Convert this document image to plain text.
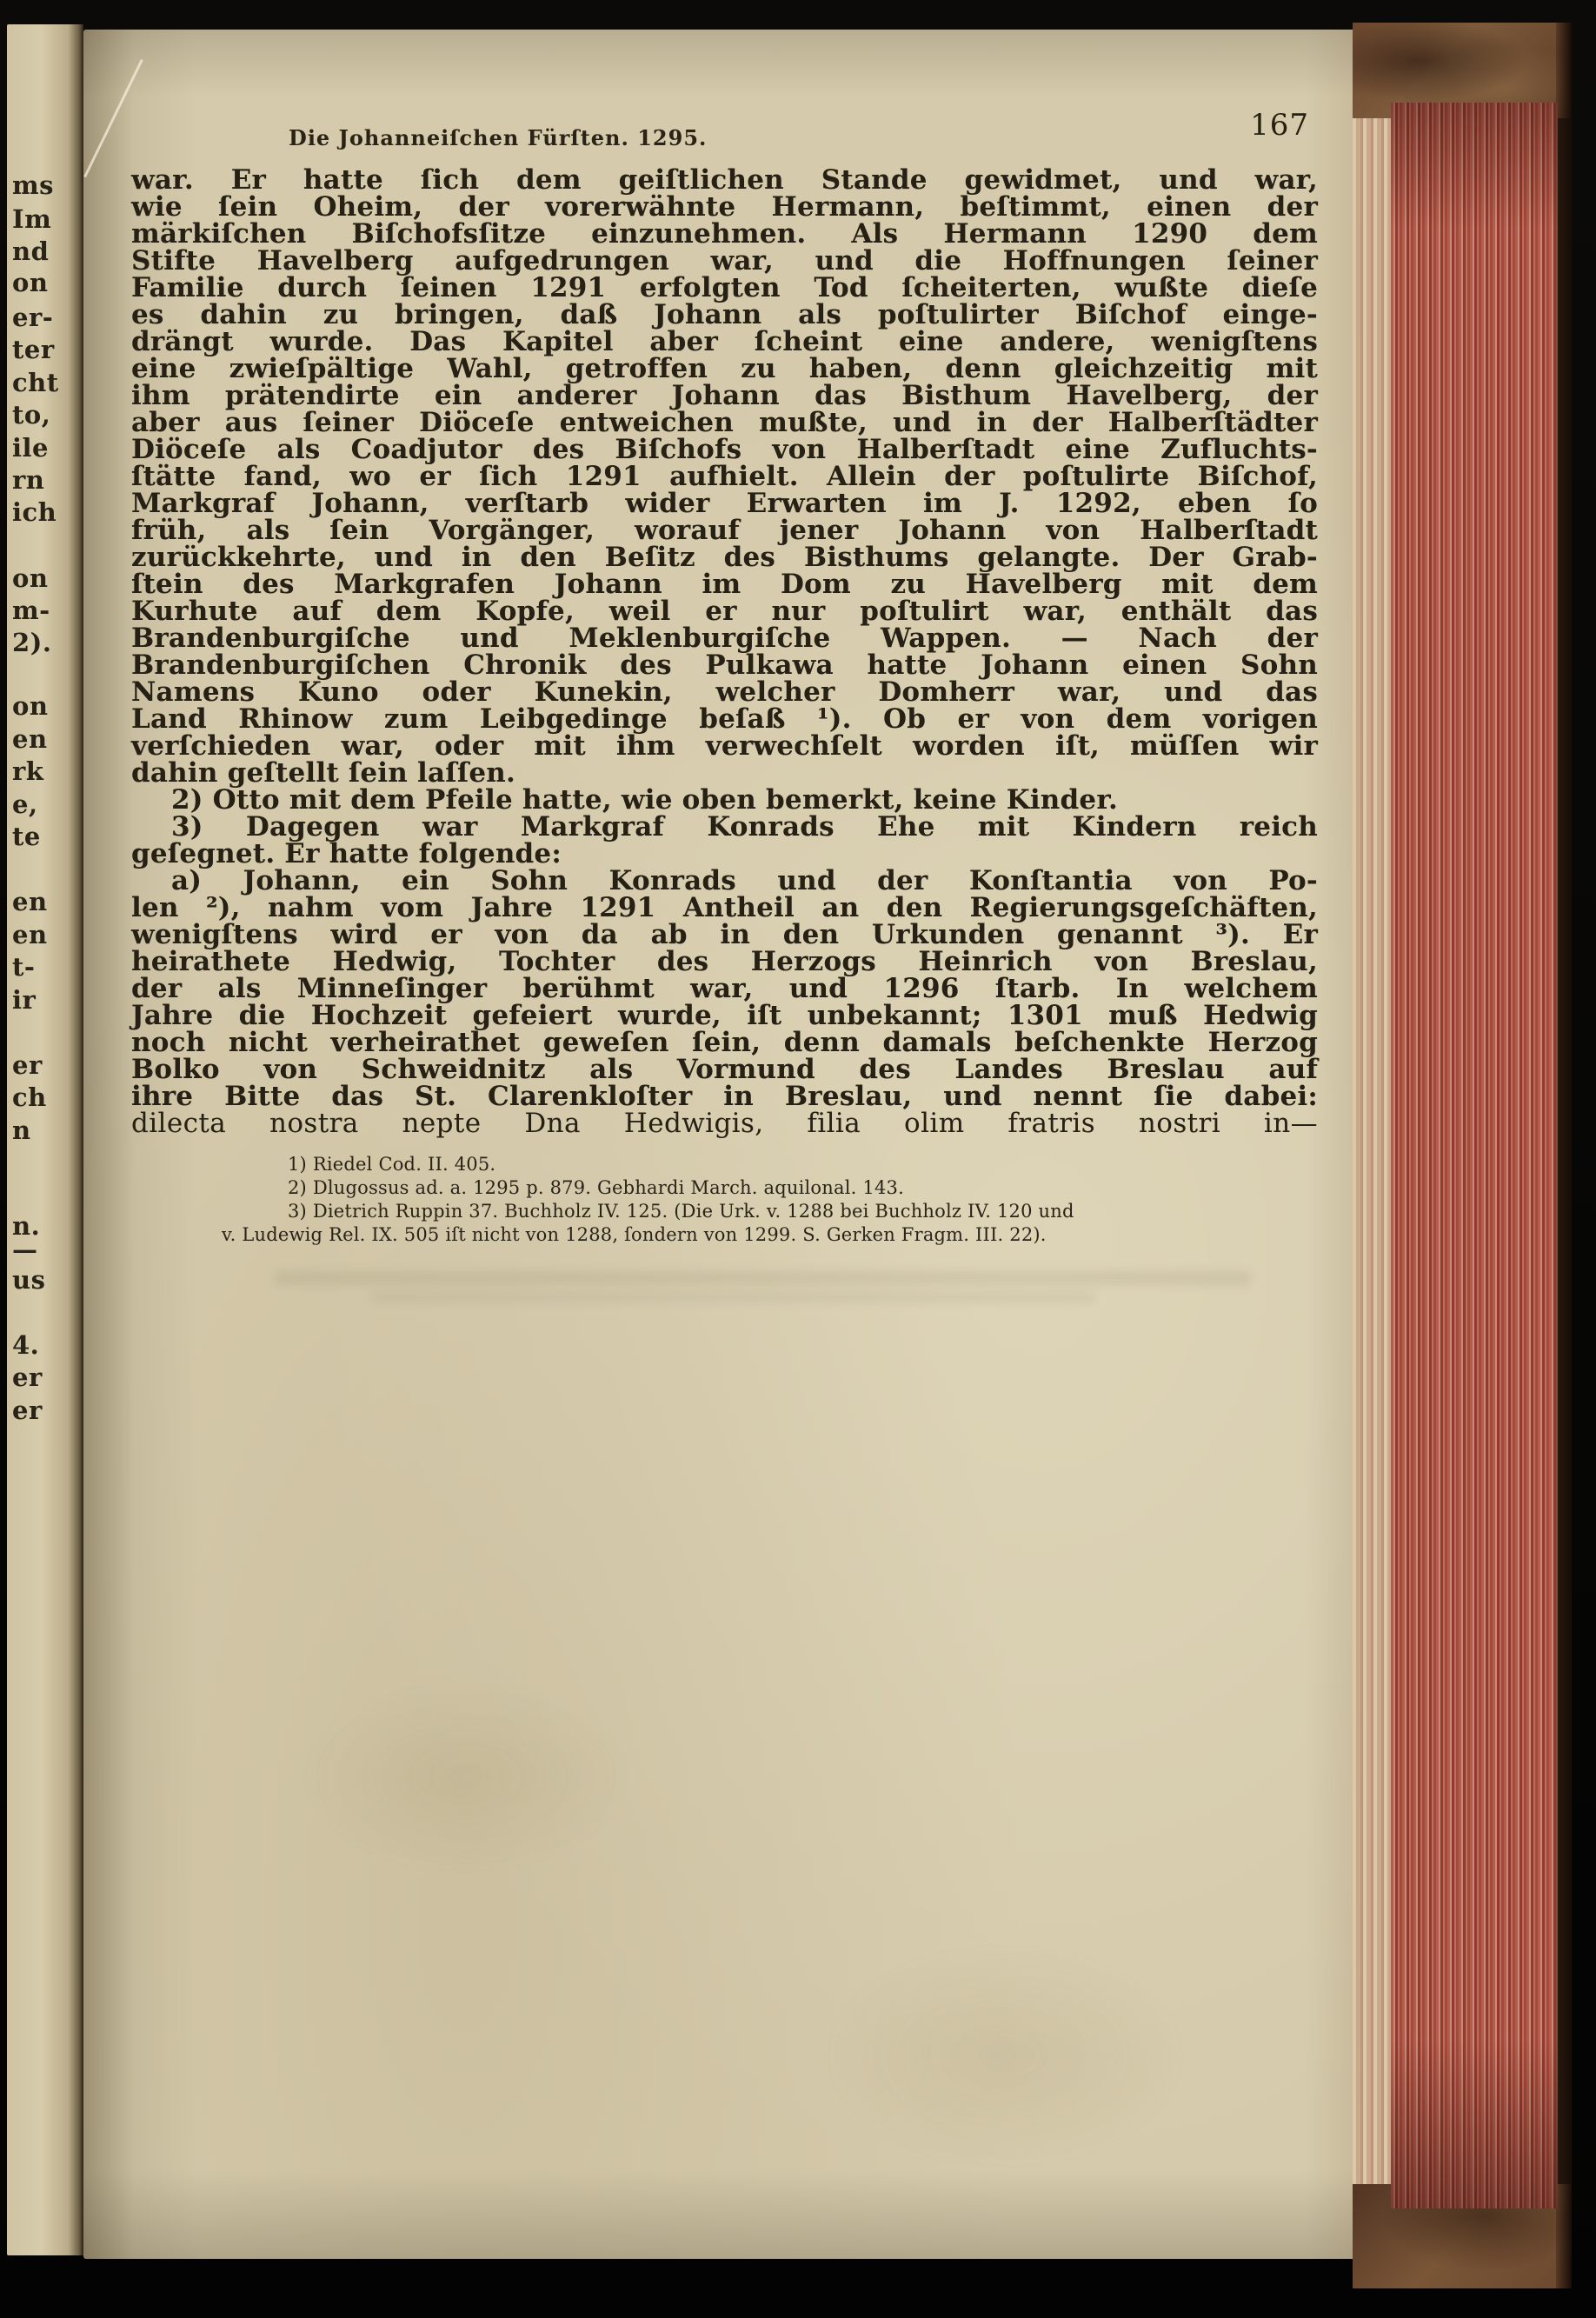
ms
Im
nd
on
er-
ter
cht
to,
ile
rn
ich
on
m-
2).
on
en
rk
e,
te
en
en
t-
ir
er
ch
n
n.
—
us
4.
er
er
Die Johanneiſchen Fürſten. 1295.	167
war. Er hatte ſich dem geiſtlichen Stande gewidmet, und war,
wie ſein Oheim, der vorerwähnte Hermann, beſtimmt, einen der
märkiſchen Biſchofsſitze einzunehmen. Als Hermann 1290 dem
Stifte Havelberg aufgedrungen war, und die Hoffnungen ſeiner
Familie durch ſeinen 1291 erfolgten Tod ſcheiterten, wußte dieſe
es dahin zu bringen, daß Johann als poſtulirter Biſchof einge-
drängt wurde. Das Kapitel aber ſcheint eine andere, wenigſtens
eine zwieſpältige Wahl, getroffen zu haben, denn gleichzeitig mit
ihm prätendirte ein anderer Johann das Bisthum Havelberg, der
aber aus ſeiner Diöceſe entweichen mußte, und in der Halberſtädter
Diöceſe als Coadjutor des Biſchofs von Halberſtadt eine Zufluchts-
ſtätte fand, wo er ſich 1291 aufhielt. Allein der poſtulirte Biſchof,
Markgraf Johann, verſtarb wider Erwarten im J. 1292, eben ſo
früh, als ſein Vorgänger, worauf jener Johann von Halberſtadt
zurückkehrte, und in den Beſitz des Bisthums gelangte. Der Grab-
ſtein des Markgrafen Johann im Dom zu Havelberg mit dem
Kurhute auf dem Kopfe, weil er nur poſtulirt war, enthält das
Brandenburgiſche und Meklenburgiſche Wappen. — Nach der
Brandenburgiſchen Chronik des Pulkawa hatte Johann einen Sohn
Namens Kuno oder Kunekin, welcher Domherr war, und das
Land Rhinow zum Leibgedinge beſaß ¹). Ob er von dem vorigen
verſchieden war, oder mit ihm verwechſelt worden iſt, müſſen wir
dahin geſtellt ſein laſſen.
2) Otto mit dem Pfeile hatte, wie oben bemerkt, keine Kinder.
3) Dagegen war Markgraf Konrads Ehe mit Kindern reich
geſegnet. Er hatte folgende:
a) Johann, ein Sohn Konrads und der Konſtantia von Po-
len ²), nahm vom Jahre 1291 Antheil an den Regierungsgeſchäften,
wenigſtens wird er von da ab in den Urkunden genannt ³). Er
heirathete Hedwig, Tochter des Herzogs Heinrich von Breslau,
der als Minneſinger berühmt war, und 1296 ſtarb. In welchem
Jahre die Hochzeit gefeiert wurde, iſt unbekannt; 1301 muß Hedwig
noch nicht verheirathet geweſen ſein, denn damals beſchenkte Herzog
Bolko von Schweidnitz als Vormund des Landes Breslau auf
ihre Bitte das St. Clarenkloſter in Breslau, und nennt ſie dabei:
dilecta nostra nepte Dna Hedwigis, filia olim fratris nostri in—
1) Riedel Cod. II. 405.
2) Dlugossus ad. a. 1295 p. 879. Gebhardi March. aquilonal. 143.
3) Dietrich Ruppin 37. Buchholz IV. 125. (Die Urk. v. 1288 bei Buchholz IV. 120 und
v. Ludewig Rel. IX. 505 iſt nicht von 1288, ſondern von 1299. S. Gerken Fragm. III. 22).
